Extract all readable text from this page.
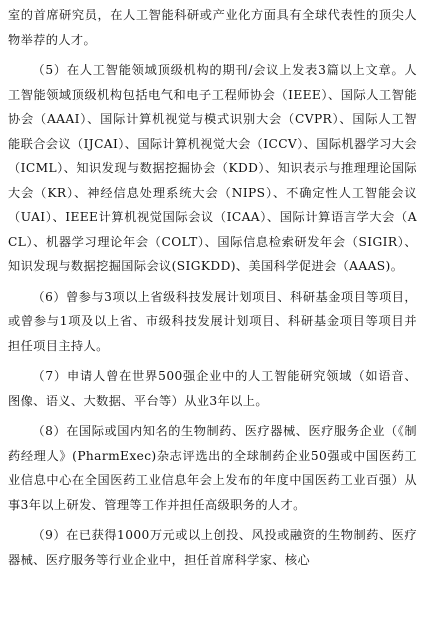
室的首席研究员，在人工智能科研或产业化方面具有全球代表性的顶尖人物举荐的人才。

（5）在人工智能领域顶级机构的期刊/会议上发表3篇以上文章。人工智能领域顶级机构包括电气和电子工程师协会（IEEE）、国际人工智能协会（AAAI）、国际计算机视觉与模式识别大会（CVPR）、国际人工智能联合会议（IJCAI）、国际计算机视觉大会（ICCV）、国际机器学习大会（ICML）、知识发现与数据挖掘协会（KDD）、知识表示与推理理论国际大会（KR）、神经信息处理系统大会（NIPS）、不确定性人工智能会议（UAI）、IEEE计算机视觉国际会议（ICAA）、国际计算语言学大会（ACL）、机器学习理论年会（COLT）、国际信息检索研发年会（SIGIR）、知识发现与数据挖掘国际会议(SIGKDD)、美国科学促进会（AAAS)。

（6）曾参与3项以上省级科技发展计划项目、科研基金项目等项目，或曾参与1项及以上省、市级科技发展计划项目、科研基金项目等项目并担任项目主持人。

（7）申请人曾在世界500强企业中的人工智能研究领域（如语音、图像、语义、大数据、平台等）从业3年以上。

（8）在国际或国内知名的生物制药、医疗器械、医疗服务企业（《制药经理人》(PharmExec)杂志评选出的全球制药企业50强或中国医药工业信息中心在全国医药工业信息年会上发布的年度中国医药工业百强）从事3年以上研发、管理等工作并担任高级职务的人才。

（9）在已获得1000万元或以上创投、风投或融资的生物制药、医疗器械、医疗服务等行业企业中，担任首席科学家、核心
